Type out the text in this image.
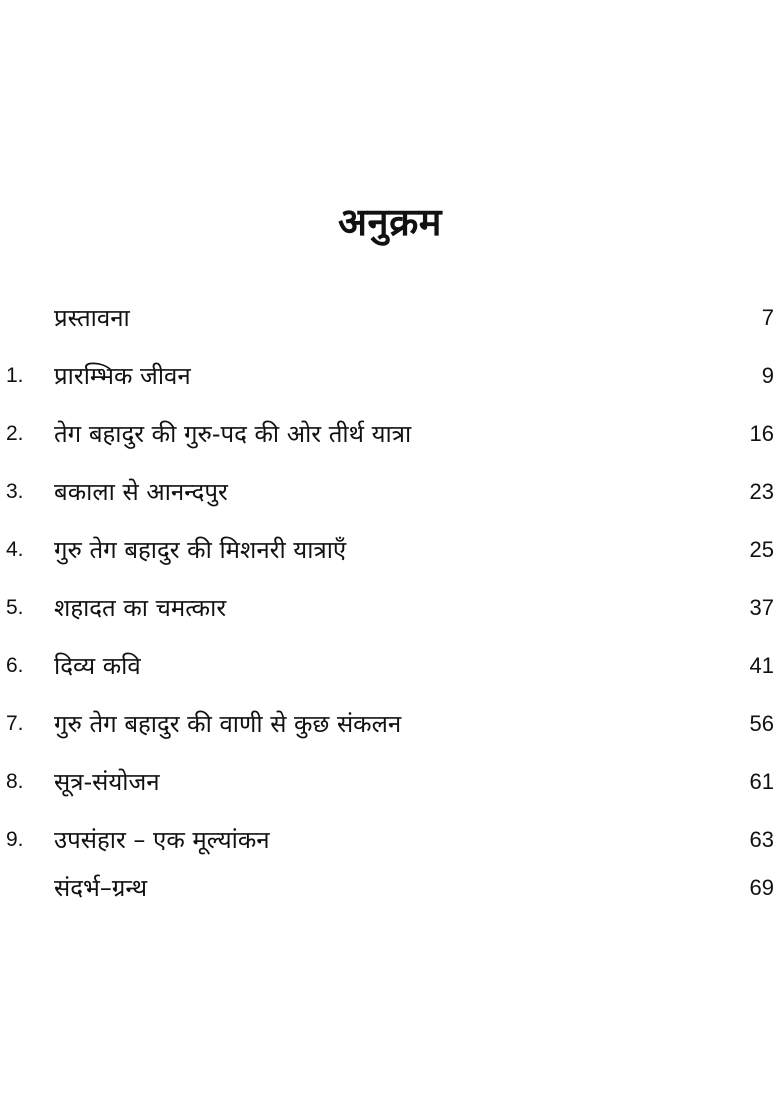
अनुक्रम
प्रस्तावना	7
1.	प्रारम्भिक जीवन	9
2.	तेग बहादुर की गुरु-पद की ओर तीर्थ यात्रा	16
3.	बकाला से आनन्दपुर	23
4.	गुरु तेग बहादुर की मिशनरी यात्राएँ	25
5.	शहादत का चमत्कार	37
6.	दिव्य कवि	41
7.	गुरु तेग बहादुर की वाणी से कुछ संकलन	56
8.	सूत्र-संयोजन	61
9.	उपसंहार – एक मूल्यांकन	63
संदर्भ–ग्रन्थ	69
